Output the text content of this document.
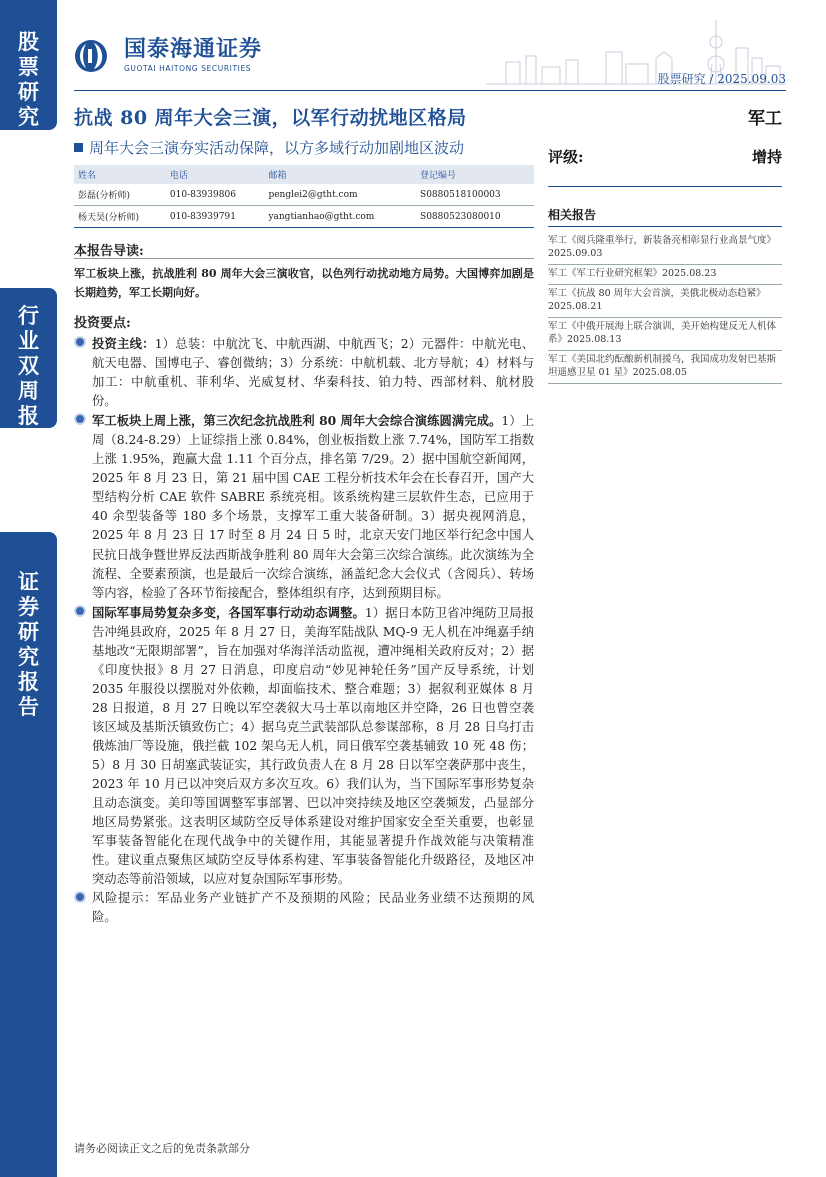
股
票
研
究
行
业
双
周
报
证
券
研
究
报
告
国泰海通证券
GUOTAI HAITONG SECURITIES
股票研究 / 2025.09.03
抗战 80 周年大会三演，以军行动扰地区格局	军工
周年大会三演夯实活动保障，以方多域行动加剧地区波动	评级:	增持
姓名	电话	邮箱	登记编号
彭磊(分析师)	010-83939806	penglei2@gtht.com	S0880518100003
杨天昊(分析师)	010-83939791	yangtianhao@gtht.com	S0880523080010	相关报告
军工《阅兵隆重举行，新装备亮相彰显行业高景气度》2025.09.03
军工《军工行业研究框架》2025.08.23
军工《抗战 80 周年大会首演，美俄北极动态趋紧》2025.08.21
军工《中俄开展海上联合演训，美开始构建反无人机体系》2025.08.13
军工《美国北约酝酿新机制援乌，我国成功发射巴基斯坦遥感卫星 01 星》2025.08.05
本报告导读:
军工板块上涨，抗战胜利 80 周年大会三演收官，以色列行动扰动地方局势。大国博弈加剧是长期趋势，军工长期向好。
投资要点:

投资主线：1）总装：中航沈飞、中航西湖、中航西飞；2）元器件：中航光电、航天电器、国博电子、睿创微纳；3）分系统：中航机载、北方导航；4）材料与加工：中航重机、菲利华、光威复材、华秦科技、铂力特、西部材料、航材股份。

军工板块上周上涨，第三次纪念抗战胜利 80 周年大会综合演练圆满完成。1）上周（8.24-8.29）上证综指上涨 0.84%，创业板指数上涨 7.74%，国防军工指数上涨 1.95%，跑赢大盘 1.11 个百分点，排名第 7/29。2）据中国航空新闻网，2025 年 8 月 23 日，第 21 届中国 CAE 工程分析技术年会在长春召开，国产大型结构分析 CAE 软件 SABRE 系统亮相。该系统构建三层软件生态，已应用于 40 余型装备等 180 多个场景，支撑军工重大装备研制。3）据央视网消息，2025 年 8 月 23 日 17 时至 8 月 24 日 5 时，北京天安门地区举行纪念中国人民抗日战争暨世界反法西斯战争胜利 80 周年大会第三次综合演练。此次演练为全流程、全要素预演，也是最后一次综合演练，涵盖纪念大会仪式（含阅兵）、转场等内容，检验了各环节衔接配合，整体组织有序，达到预期目标。

国际军事局势复杂多变，各国军事行动动态调整。1）据日本防卫省冲绳防卫局报告冲绳县政府，2025 年 8 月 27 日，美海军陆战队 MQ-9 无人机在冲绳嘉手纳基地改“无限期部署”，旨在加强对华海洋活动监视，遭冲绳相关政府反对；2）据《印度快报》8 月 27 日消息，印度启动“妙见神轮任务”国产反导系统，计划 2035 年服役以摆脱对外依赖，却面临技术、整合难题；3）据叙利亚媒体 8 月 28 日报道，8 月 27 日晚以军空袭叙大马士革以南地区并空降，26 日也曾空袭该区域及基斯沃镇致伤亡；4）据乌克兰武装部队总参谋部称，8 月 28 日乌打击俄炼油厂等设施，俄拦截 102 架乌无人机，同日俄军空袭基辅致 10 死 48 伤；5）8 月 30 日胡塞武装证实，其行政负责人在 8 月 28 日以军空袭萨那中丧生，2023 年 10 月已以冲突后双方多次互攻。6）我们认为，当下国际军事形势复杂且动态演变。美印等国调整军事部署、巴以冲突持续及地区空袭频发，凸显部分地区局势紧张。这表明区域防空反导体系建设对维护国家安全至关重要，也彰显军事装备智能化在现代战争中的关键作用，其能显著提升作战效能与决策精准性。建议重点聚焦区域防空反导体系构建、军事装备智能化升级路径，及地区冲突动态等前沿领域，以应对复杂国际军事形势。

风险提示：军品业务产业链扩产不及预期的风险；民品业务业绩不达预期的风险。

请务必阅读正文之后的免责条款部分
